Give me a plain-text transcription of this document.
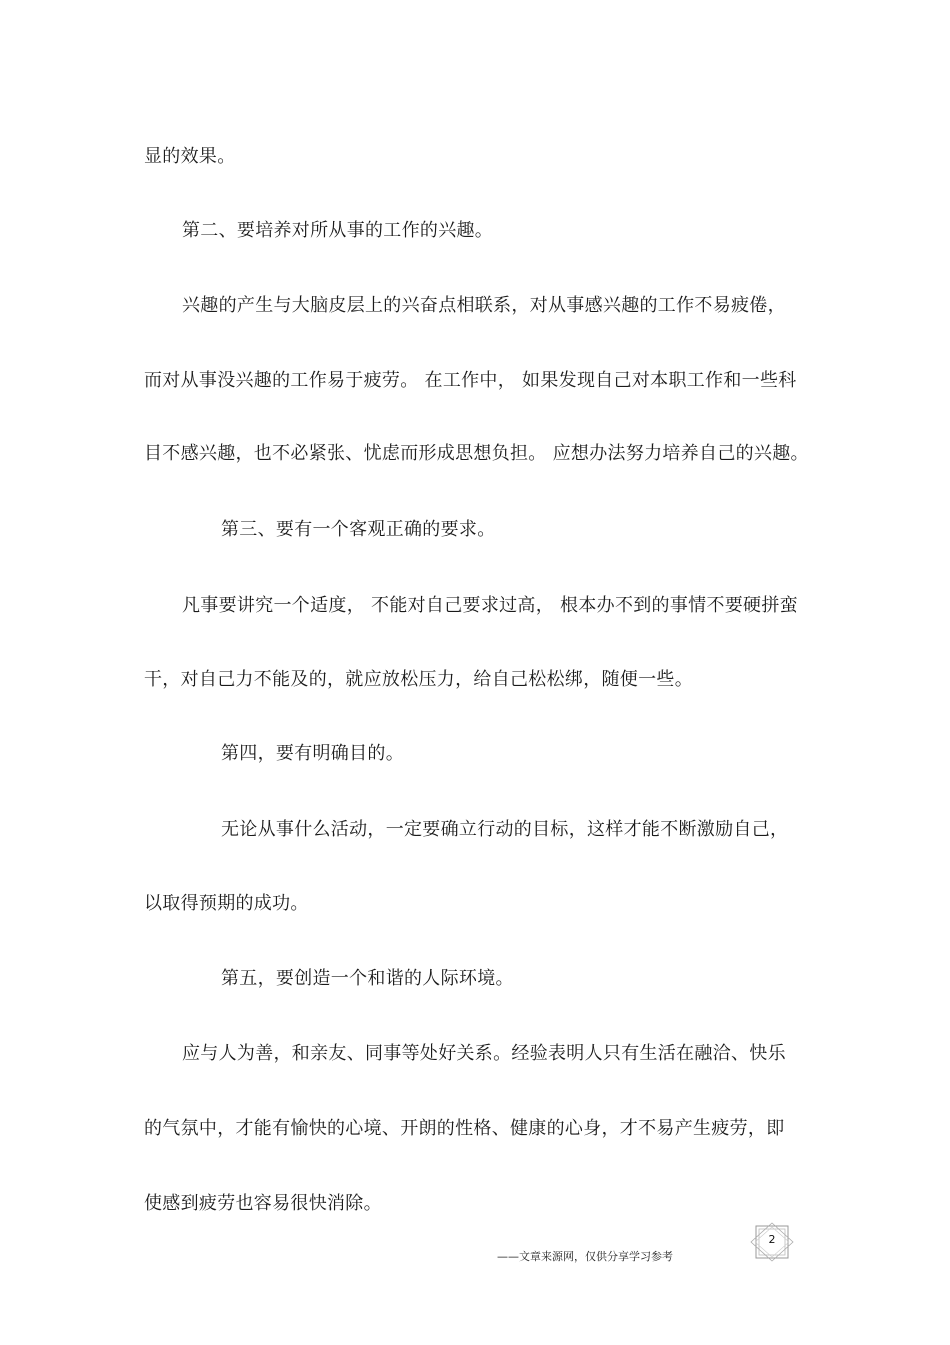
显的效果。
第二、要培养对所从事的工作的兴趣。
兴趣的产生与大脑皮层上的兴奋点相联系，对从事感兴趣的工作不易疲倦，
而对从事没兴趣的工作易于疲劳。 在工作中， 如果发现自己对本职工作和一些科
目不感兴趣，也不必紧张、忧虑而形成思想负担。 应想办法努力培养自己的兴趣。
第三、要有一个客观正确的要求。
凡事要讲究一个适度， 不能对自己要求过高， 根本办不到的事情不要硬拼蛮
干，对自己力不能及的，就应放松压力，给自己松松绑，随便一些。
第四，要有明确目的。
无论从事什么活动，一定要确立行动的目标，这样才能不断激励自己，
以取得预期的成功。
第五，要创造一个和谐的人际环境。
应与人为善，和亲友、同事等处好关系。经验表明人只有生活在融洽、快乐
的气氛中，才能有愉快的心境、开朗的性格、健康的心身，才不易产生疲劳，即
使感到疲劳也容易很快消除。
2
——文章来源网，仅供分享学习参考
